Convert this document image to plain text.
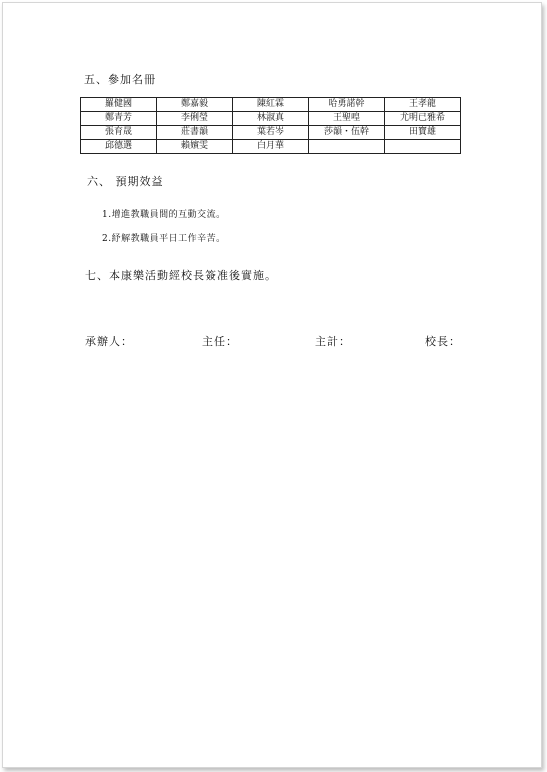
五、參加名冊
羅健國	鄭嘉毅	陳紅霖	哈勇諾幹	王孝龍
鄭青芳	李俐瑩	林淑真	王聖喤	尤明已雅希
張育晟	莊書韻	葉若岑	莎韻・伍幹	田寶雄
邱德選	賴嬪雯	白月華		
六、 預期效益
1.增進教職員間的互動交流。
2.紓解教職員平日工作辛苦。
七、本康樂活動經校長簽准後實施。
承辦人：	主任：	主計：	校長：
